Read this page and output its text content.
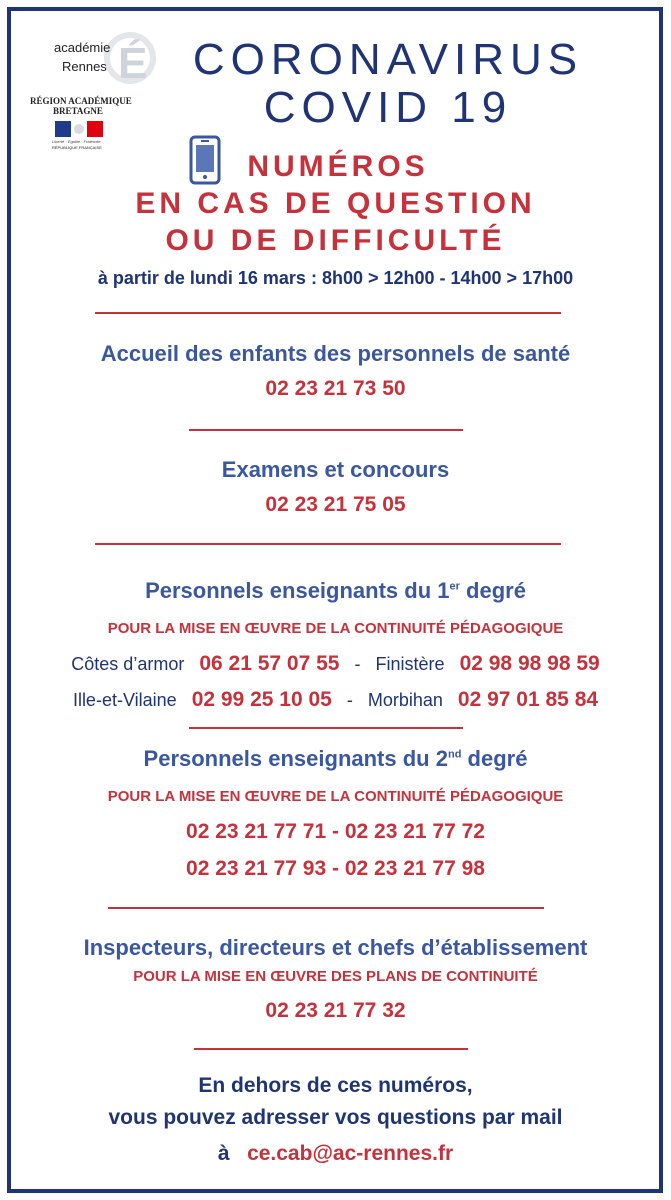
É
académie
Rennes
RÉGION ACADÉMIQUE
BRETAGNE
Liberté · Égalité · Fraternité
RÉPUBLIQUE FRANÇAISE
CORONAVIRUS
COVID 19
NUMÉROS
EN CAS DE QUESTION
OU DE DIFFICULTÉ
à partir de lundi 16 mars : 8h00 > 12h00 - 14h00 > 17h00
Accueil des enfants des personnels de santé
02 23 21 73 50
Examens et concours
02 23 21 75 05
Personnels enseignants du 1er degré
POUR LA MISE EN ŒUVRE DE LA CONTINUITÉ PÉDAGOGIQUE
Côtes d’armor 06 21 57 07 55 - Finistère 02 98 98 98 59
Ille-et-Vilaine 02 99 25 10 05 - Morbihan 02 97 01 85 84
Personnels enseignants du 2nd degré
POUR LA MISE EN ŒUVRE DE LA CONTINUITÉ PÉDAGOGIQUE
02 23 21 77 71 - 02 23 21 77 72
02 23 21 77 93 - 02 23 21 77 98
Inspecteurs, directeurs et chefs d’établissement
POUR LA MISE EN ŒUVRE DES PLANS DE CONTINUITÉ
02 23 21 77 32
En dehors de ces numéros,
vous pouvez adresser vos questions par mail
à ce.cab@ac-rennes.fr
